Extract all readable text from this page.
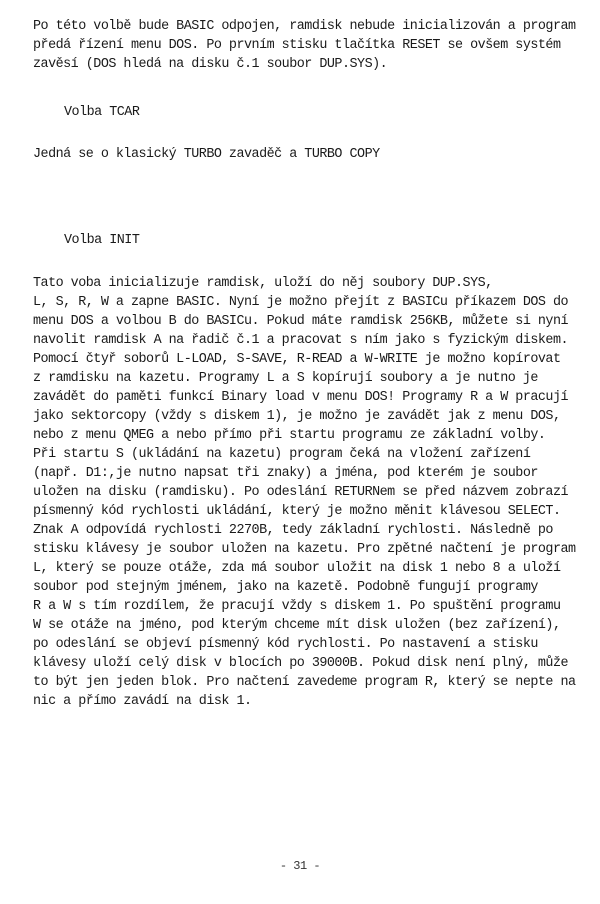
Po této volbě bude BASIC odpojen, ramdisk nebude inicializován a program

předá řízení menu DOS. Po prvním stisku tlačítka RESET se ovšem systém

zavěsí (DOS hledá na disku č.1 soubor DUP.SYS).

Volba TCAR

Jedná se o klasický TURBO zavaděč a TURBO COPY

Volba INIT

Tato voba inicializuje ramdisk, uloží do něj soubory DUP.SYS,

L, S, R, W a zapne BASIC. Nyní je možno přejít z BASICu příkazem DOS do

menu DOS a volbou B do BASICu. Pokud máte ramdisk 256KB, můžete si nyní

navolit ramdisk A na řadič č.1 a pracovat s ním jako s fyzickým diskem.

Pomocí čtyř soborů L-LOAD, S-SAVE, R-READ a W-WRITE je možno kopírovat

z ramdisku na kazetu. Programy L a S kopírují soubory a je nutno je

zavádět do paměti funkcí Binary load v menu DOS! Programy R a W pracují

jako sektorcopy (vždy s diskem 1), je možno je zavádět jak z menu DOS,

nebo z menu QMEG a nebo přímo při startu programu ze základní volby.

Při startu S (ukládání na kazetu) program čeká na vložení zařízení

(např. D1:,je nutno napsat tři znaky) a jména, pod kterém je soubor

uložen na disku (ramdisku). Po odeslání RETURNem se před názvem zobrazí

písmenný kód rychlosti ukládání, který je možno měnit klávesou SELECT.

Znak A odpovídá rychlosti 2270B, tedy základní rychlosti. Následně po

stisku klávesy je soubor uložen na kazetu. Pro zpětné načtení je program

L, který se pouze otáže, zda má soubor uložit na disk 1 nebo 8 a uloží

soubor pod stejným jménem, jako na kazetě. Podobně fungují programy

R a W s tím rozdílem, že pracují vždy s diskem 1. Po spuštění programu

W se otáže na jméno, pod kterým chceme mít disk uložen (bez zařízení),

po odeslání se objeví písmenný kód rychlosti. Po nastavení a stisku

klávesy uloží celý disk v blocích po 39000B. Pokud disk není plný, může

to být jen jeden blok. Pro načtení zavedeme program R, který se nepte na

nic a přímo zavádí na disk 1.

- 31 -
